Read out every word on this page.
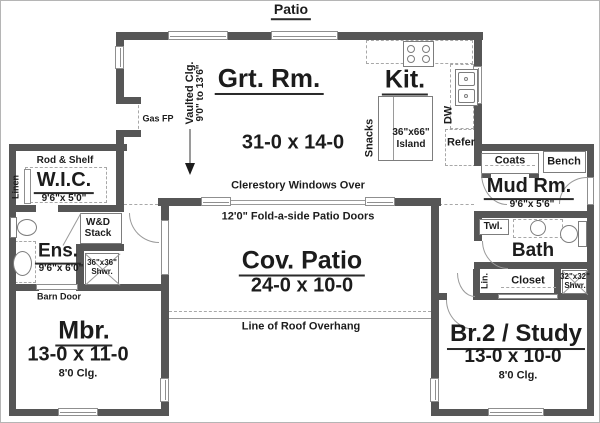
Patio
Grt. Rm.
31-0 x 14-0
Vaulted Clg. 9'0" to 13'6"
Gas FP
Clerestory Windows Over
Kit.
Snacks 36"x66"
Island
DW
Refer
12'0" Fold-a-side Patio Doors
Cov. Patio
24-0 x 10-0
Line of Roof Overhang
Rod & Shelf
W.I.C.
9'6"x 5'0"
Linen
W&D
Stack
Ens.
9'6"x 6'0"
36"x36"
Shwr.
Barn Door
Mbr.
13-0 x 11-0
8'0 Clg.
Coats Bench
Mud Rm.
9'6"x 5'6"
Twl.
Bath
Lin. Closet 32"x32"
Shwr.
Br.2 / Study
13-0 x 10-0
8'0 Clg.
